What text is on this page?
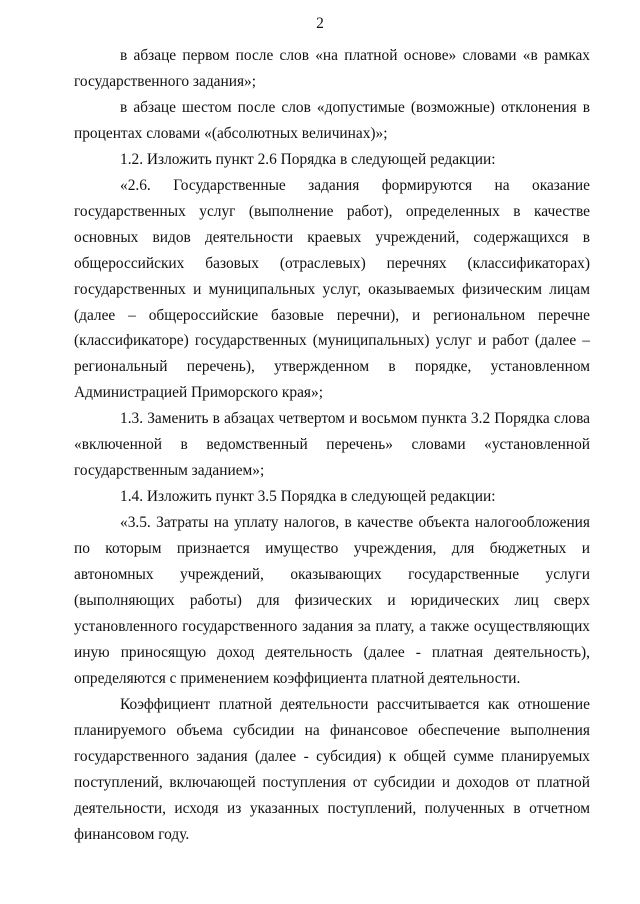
2

в абзаце первом после слов «на платной основе» словами «в рамках государственного задания»;

в абзаце шестом после слов «допустимые (возможные) отклонения в процентах словами «(абсолютных величинах)»;

1.2. Изложить пункт 2.6 Порядка в следующей редакции:

«2.6. Государственные задания формируются на оказание государственных услуг (выполнение работ), определенных в качестве основных видов деятельности краевых учреждений, содержащихся в общероссийских базовых (отраслевых) перечнях (классификаторах) государственных и муниципальных услуг, оказываемых физическим лицам (далее – общероссийские базовые перечни), и региональном перечне (классификаторе) государственных (муниципальных) услуг и работ (далее – региональный перечень), утвержденном в порядке, установленном Администрацией Приморского края»;

1.3. Заменить в абзацах четвертом и восьмом пункта 3.2 Порядка слова «включенной в ведомственный перечень» словами «установленной государственным заданием»;

1.4. Изложить пункт 3.5 Порядка в следующей редакции:

«3.5. Затраты на уплату налогов, в качестве объекта налогообложения по которым признается имущество учреждения, для бюджетных и автономных учреждений, оказывающих государственные услуги (выполняющих работы) для физических и юридических лиц сверх установленного государственного задания за плату, а также осуществляющих иную приносящую доход деятельность (далее - платная деятельность), определяются с применением коэффициента платной деятельности.

Коэффициент платной деятельности рассчитывается как отношение планируемого объема субсидии на финансовое обеспечение выполнения государственного задания (далее - субсидия) к общей сумме планируемых поступлений, включающей поступления от субсидии и доходов от платной деятельности, исходя из указанных поступлений, полученных в отчетном финансовом году.
